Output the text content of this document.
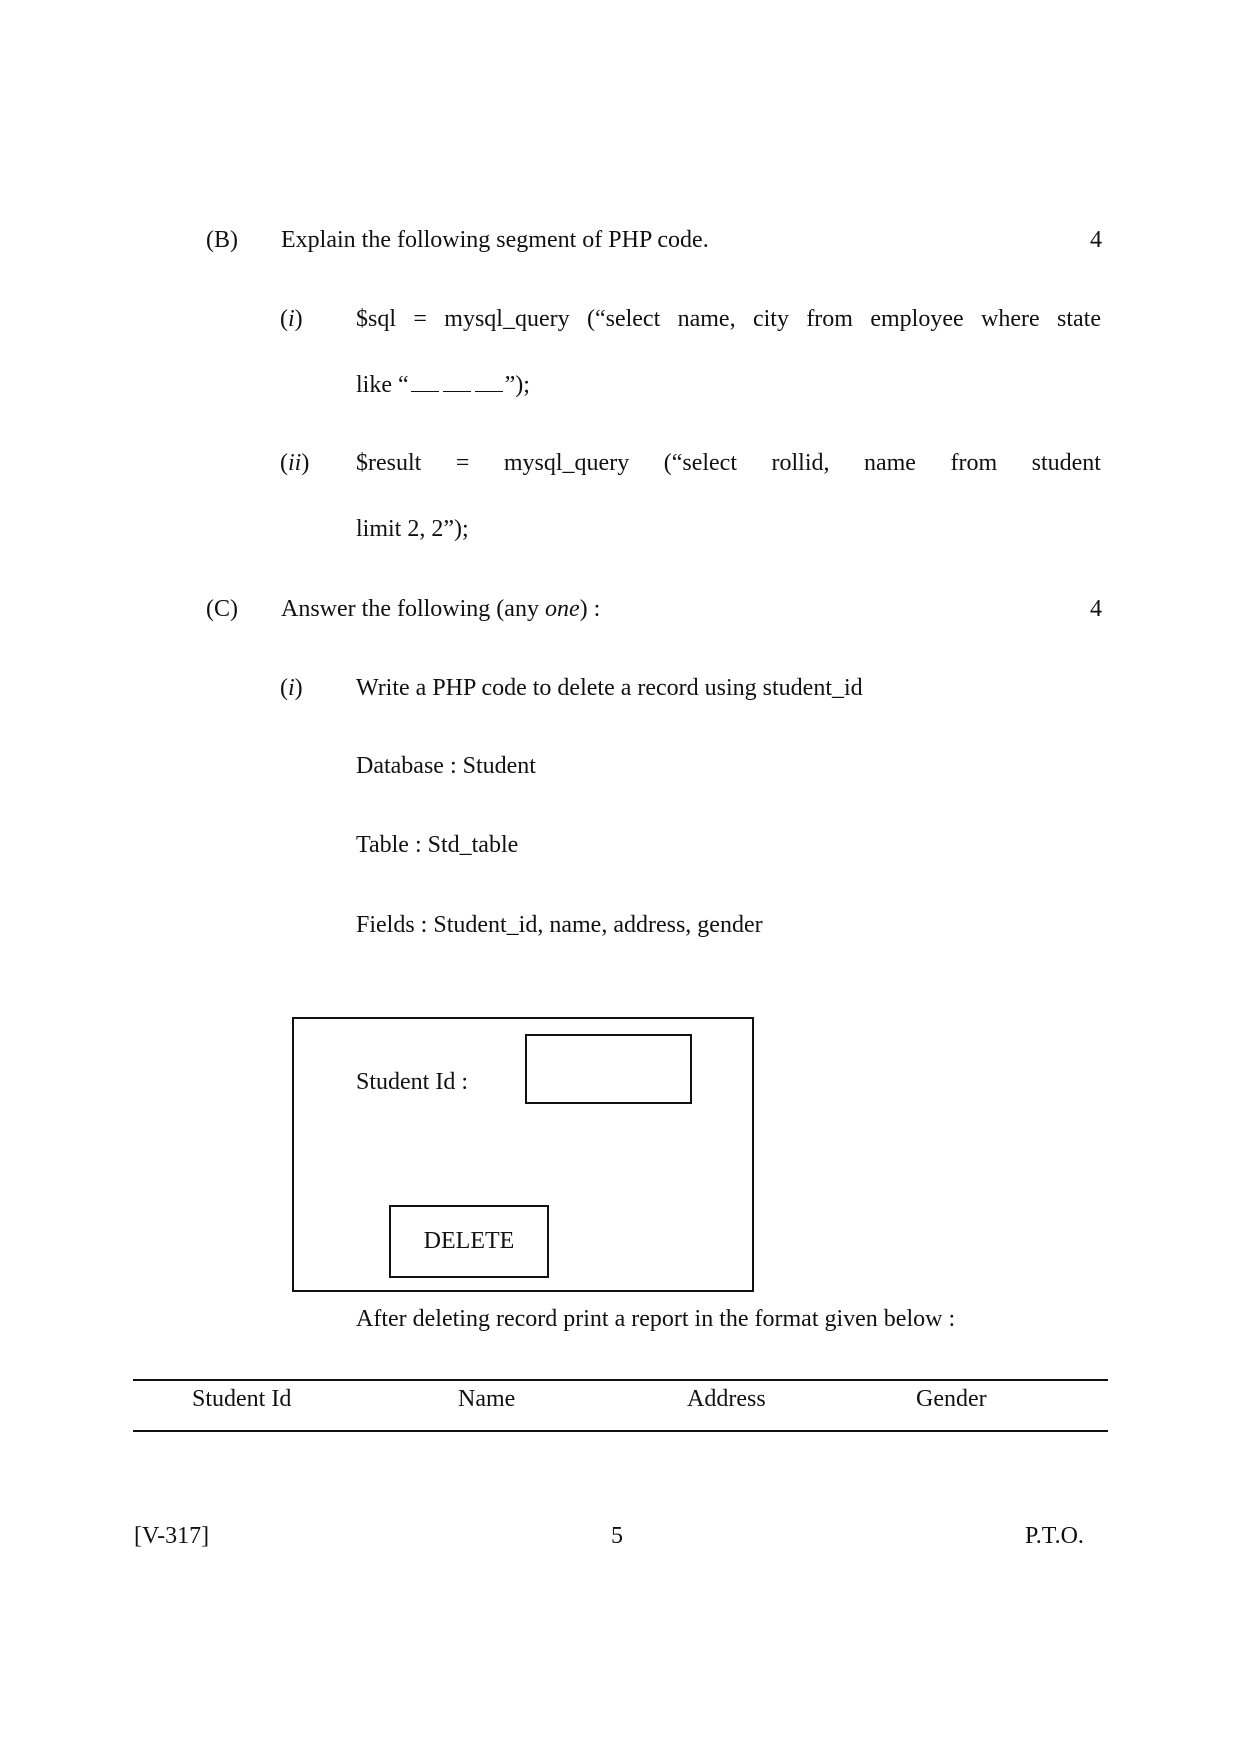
(B) Explain the following segment of PHP code.	4
(i) $sql = mysql_query (“select name, city from employee where state
like “	”);
(ii) $result = mysql_query (“select rollid, name from student
limit 2, 2”);
(C) Answer the following (any one) :	4
(i) Write a PHP code to delete a record using student_id
Database : Student
Table : Std_table
Fields : Student_id, name, address, gender
Student Id :
DELETE
After deleting record print a report in the format given below :
Student Id	Name	Address	Gender
[V-317]	5	P.T.O.
